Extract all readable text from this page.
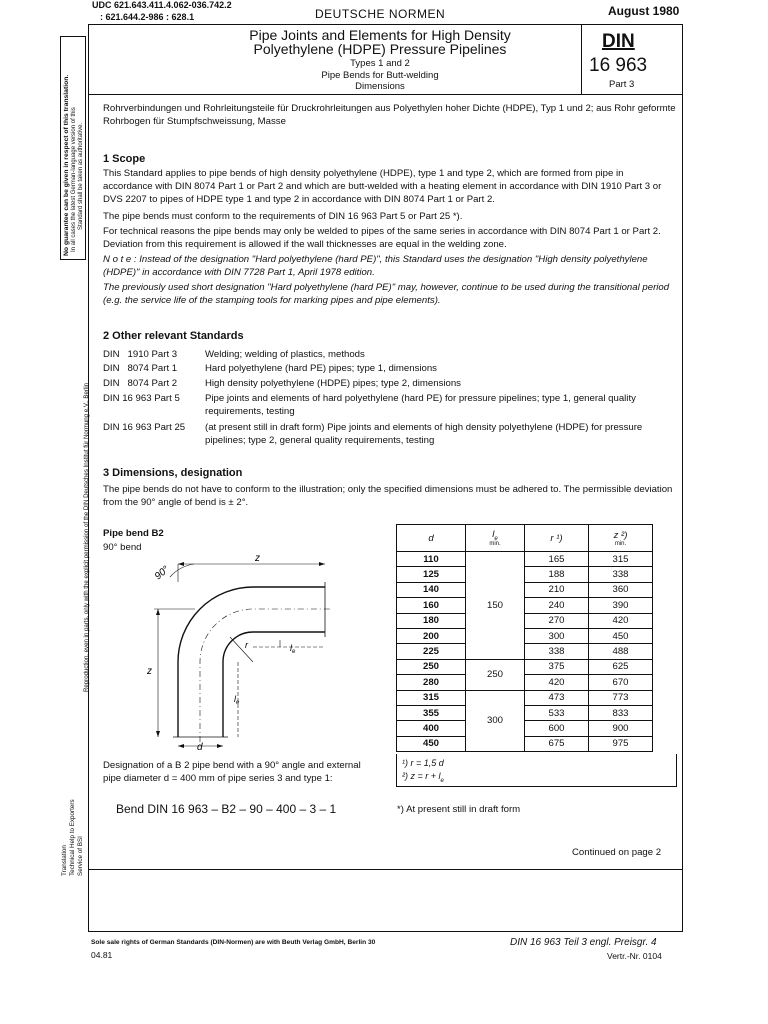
UDC 621.643.411.4.062-036.742.2
: 621.644.2-986 : 628.1	DEUTSCHE NORMEN	August 1980
Pipe Joints and Elements for High Density
Polyethylene (HDPE) Pressure Pipelines
Types 1 and 2
Pipe Bends for Butt-welding
Dimensions
DIN
16 963
Part 3
No guarantee can be given in respect of this translation. In all cases the latest German-language version of this Standard shall be taken as authoritative.
Reproduction, even in parts, only with the explicit permission of the DIN Deutsches Institut für Normung e.V., Berlin
Translation Technical Help to Exporters Service of BSI
Rohrverbindungen und Rohrleitungsteile für Druckrohrleitungen aus Polyethylen hoher Dichte (HDPE), Typ 1 und 2; aus Rohr geformte Rohrbogen für Stumpfschweissung, Masse
1 Scope
This Standard applies to pipe bends of high density polyethylene (HDPE), type 1 and type 2, which are formed from pipe in accordance with DIN 8074 Part 1 or Part 2 and which are butt-welded with a heating element in accordance with DIN 1910 Part 3 or DVS 2207 to pipes of HDPE type 1 and type 2 in accordance with DIN 8074 Part 1 or Part 2.
The pipe bends must conform to the requirements of DIN 16 963 Part 5 or Part 25 *).
For technical reasons the pipe bends may only be welded to pipes of the same series in accordance with DIN 8074 Part 1 or Part 2. Deviation from this requirement is allowed if the wall thicknesses are equal in the welding zone.
N o t e : Instead of the designation "Hard polyethylene (hard PE)", this Standard uses the designation "High density polyethylene (HDPE)" in accordance with DIN 7728 Part 1, April 1978 edition.
The previously used short designation "Hard polyethylene (hard PE)" may, however, continue to be used during the transitional period (e.g. the service life of the stamping tools for marking pipes and pipe elements).
2 Other relevant Standards
DIN   1910 Part 3	Welding; welding of plastics, methods
DIN   8074 Part 1	Hard polyethylene (hard PE) pipes; type 1, dimensions
DIN   8074 Part 2	High density polyethylene (HDPE) pipes; type 2, dimensions
DIN 16 963 Part 5	Pipe joints and elements of hard polyethylene (hard PE) for pressure pipelines; type 1, general quality requirements, testing
DIN 16 963 Part 25	(at present still in draft form) Pipe joints and elements of high density polyethylene (HDPE) for pressure pipelines; type 2, general quality requirements, testing
3 Dimensions, designation
The pipe bends do not have to conform to the illustration; only the specified dimensions must be adhered to. The permissible deviation from the 90° angle of bend is ± 2°.
Pipe bend B2
90° bend
90°
z
z
r	$l_e$
$l_e$
d
Designation of a B 2 pipe bend with a 90° angle and external pipe diameter d = 400 mm of pipe series 3 and type 1:
Bend DIN 16 963 – B2 – 90 – 400 – 3 – 1	*) At present still in draft form
Continued on page 2
d	$l_e$
min.	r ¹)	z ²)
min.

110	150	165	315
125		188	338
140		210	360
160		240	390
180		270	420
200		300	450
225		338	488
250	250	375	625
280		420	670
315	300	473	773
355		533	833
400		600	900
450		675	975
¹) r = 1,5 d
²) $z = r + l_e$
Sole sale rights of German Standards (DIN-Normen) are with Beuth Verlag GmbH, Berlin 30
04.81
DIN 16 963 Teil 3 engl. Preisgr. 4
Vertr.-Nr. 0104
